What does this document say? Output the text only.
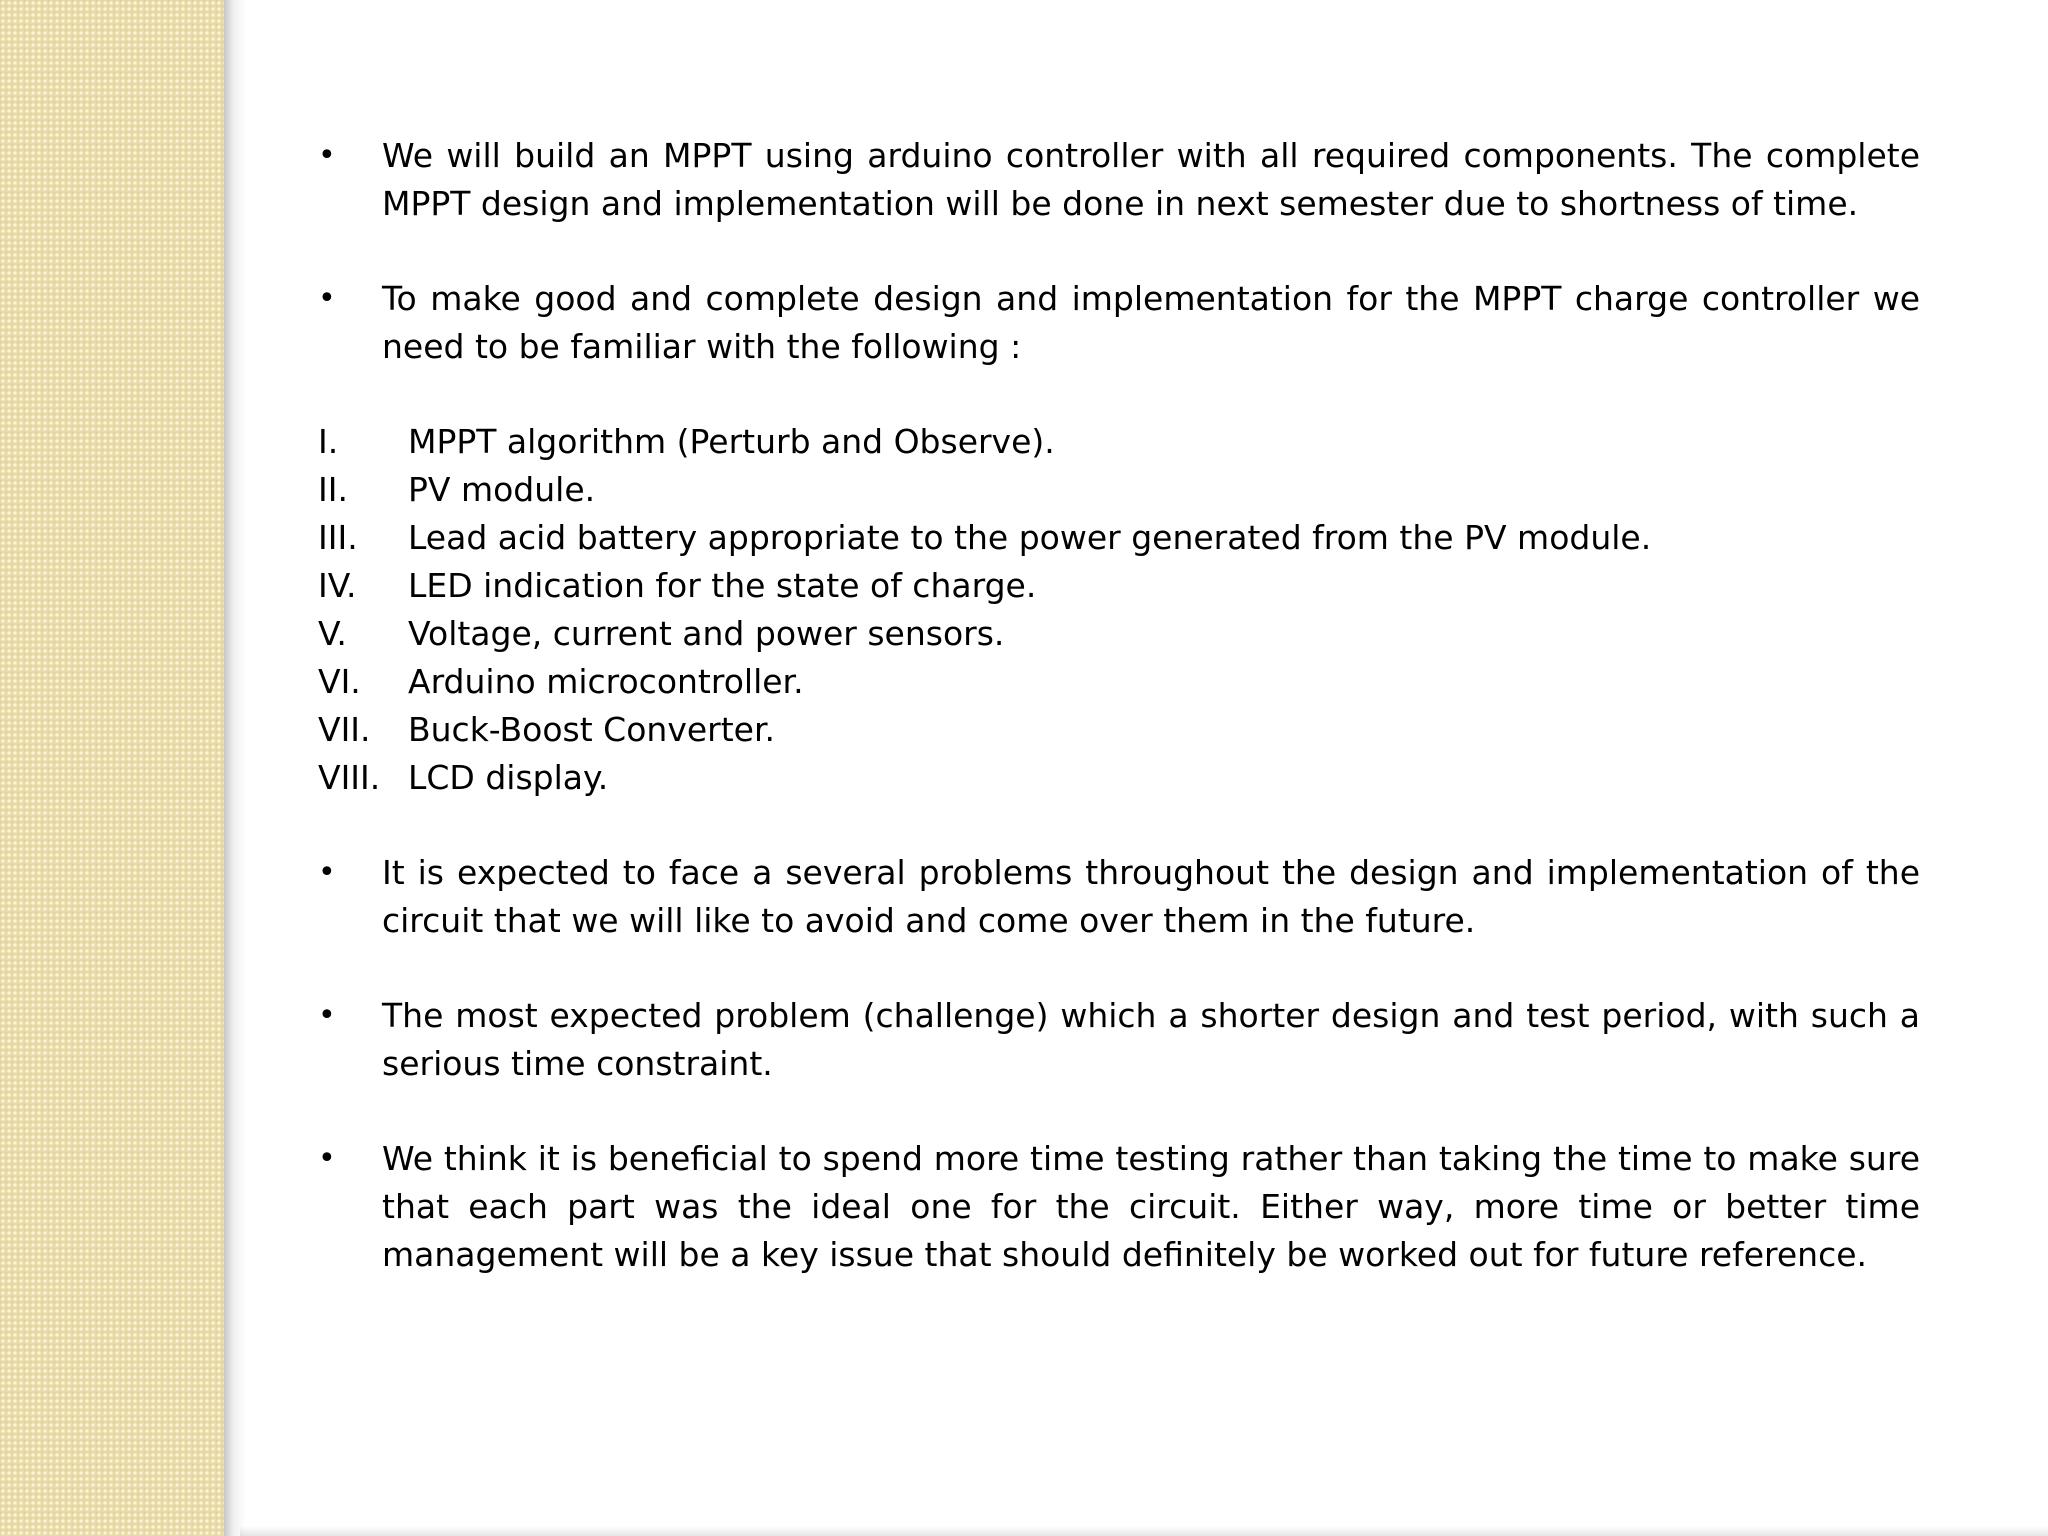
•	We will build an MPPT using arduino controller with all required components. The complete MPPT design and implementation will be done in next semester due to shortness of time.
•	To make good and complete design and implementation for the MPPT charge controller we need to be familiar with the following :
I.	MPPT algorithm (Perturb and Observe).
II.	PV module.
III.	Lead acid battery appropriate to the power generated from the PV module.
IV.	LED indication for the state of charge.
V.	Voltage, current and power sensors.
VI.	Arduino microcontroller.
VII.	Buck-Boost Converter.
VIII. LCD display.
•	It is expected to face a several problems throughout the design and implementation of the circuit that we will like to avoid and come over them in the future.
•	The most expected problem (challenge) which a shorter design and test period, with such a serious time constraint.
•	We think it is beneficial to spend more time testing rather than taking the time to make sure that each part was the ideal one for the circuit. Either way, more time or better time management will be a key issue that should definitely be worked out for future reference.
